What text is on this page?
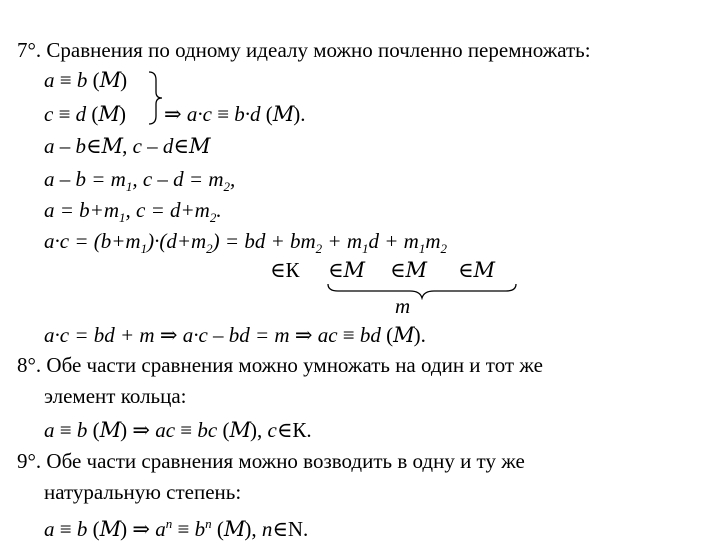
7°. Сравнения по одному идеалу можно почленно перемножать:
a ≡ b (M)
c ≡ d (M) ⇒ a·c ≡ b·d (M).
a – b∈M, c – d∈M
$a - b = m_1$, $c - d = m_2$,
$a = b+m_1$, $c = d+m_2$.
$a\cdot c = (b+m_1)\cdot(d+m_2)$ = bd + $bm_2 + m_1d + m_1m_2$
∈К ∈M ∈M ∈M
m
a·c = bd + m ⇒ a·c – bd = m ⇒ ac ≡ bd (M).
8°. Обе части сравнения можно умножать на один и тот же
элемент кольца:
a ≡ b (M) ⇒ ac ≡ bc (M), c∈К.
9°. Обе части сравнения можно возводить в одну и ту же
натуральную степень:
a ≡ b (M) ⇒ $a^n \equiv b^n$ (M), n∈N.
